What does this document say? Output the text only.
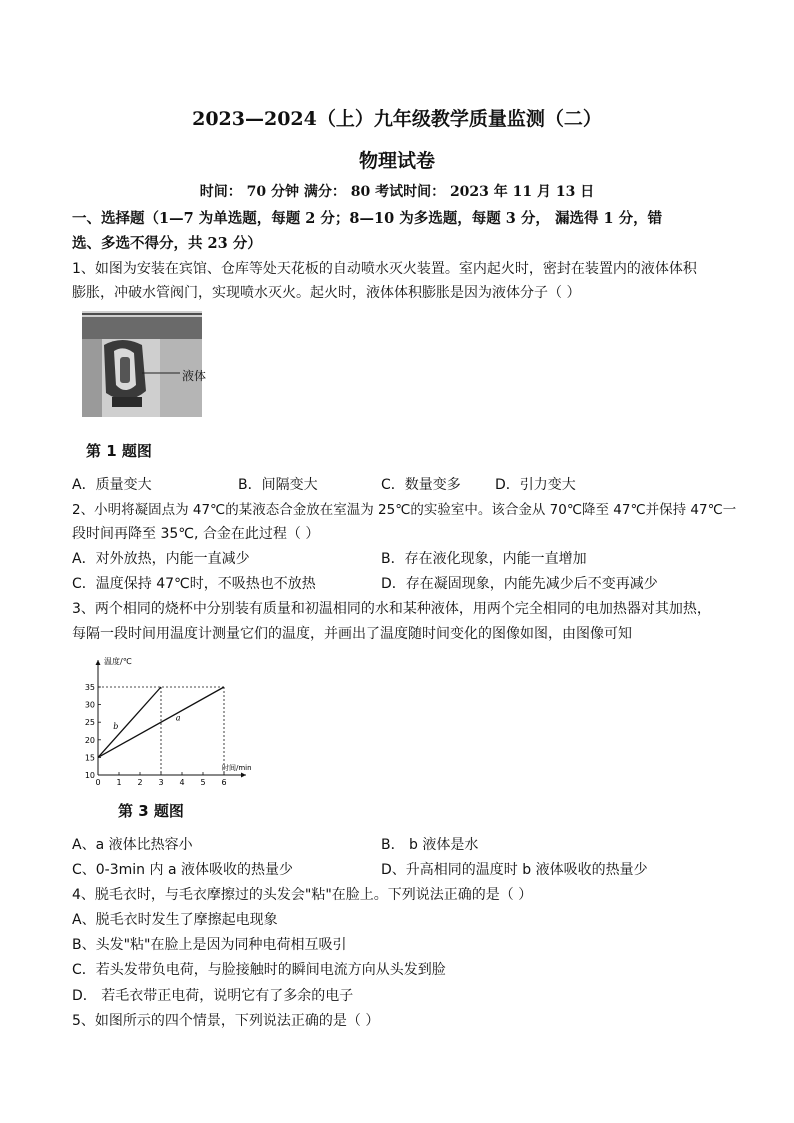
2023—2024（上）九年级教学质量监测（二）
物理试卷
时间： 70 分钟 满分： 80 考试时间： 2023 年 11 月 13 日
一、选择题（1—7 为单选题，每题 2 分；8—10 为多选题，每题 3 分， 漏选得 1 分，错
选、多选不得分，共 23 分）
1、如图为安装在宾馆、仓库等处天花板的自动喷水灭火装置。室内起火时，密封在装置内的液体体积
膨胀，冲破水管阀门，实现喷水灭火。起火时，液体体积膨胀是因为液体分子（ ）
液体
第 1 题图
A．质量变大	B．间隔变大	C．数量变多 D．引力变大
2、小明将凝固点为 47℃的某液态合金放在室温为 25℃的实验室中。该合金从 70℃降至 47℃并保持 47℃一
段时间再降至 35℃, 合金在此过程（ ）
A．对外放热，内能一直减少	B．存在液化现象，内能一直增加
C．温度保持 47℃时，不吸热也不放热	D．存在凝固现象，内能先减少后不变再减少
3、两个相同的烧杯中分别装有质量和初温相同的水和某种液体，用两个完全相同的电加热器对其加热，
每隔一段时间用温度计测量它们的温度，并画出了温度随时间变化的图像如图，由图像可知
温度/℃
时间/min
0 1 2 3 4 5 6
10
15
20
25
30
35
b
a
第 3 题图
A、a 液体比热容小	B． b 液体是水
C、0-3min 内 a 液体吸收的热量少	D、升高相同的温度时 b 液体吸收的热量少
4、脱毛衣时，与毛衣摩擦过的头发会"粘"在脸上。下列说法正确的是（ ）
A、脱毛衣时发生了摩擦起电现象
B、头发"粘"在脸上是因为同种电荷相互吸引
C．若头发带负电荷，与脸接触时的瞬间电流方向从头发到脸
D． 若毛衣带正电荷，说明它有了多余的电子
5、如图所示的四个情景，下列说法正确的是（ ）
